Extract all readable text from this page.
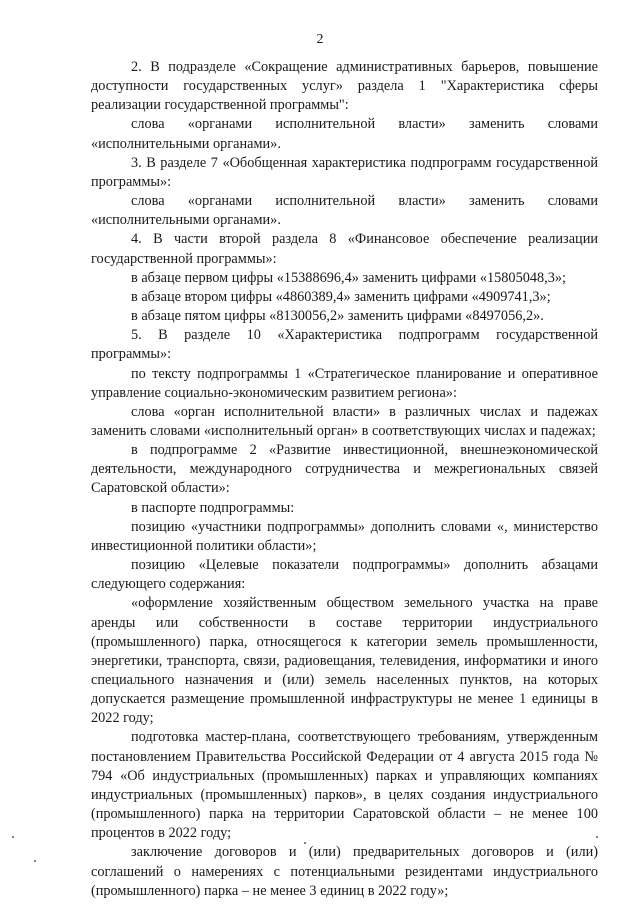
2

2. В подразделе «Сокращение административных барьеров, повышение доступности государственных услуг» раздела 1 "Характеристика сферы реализации государственной программы":

слова «органами исполнительной власти» заменить словами «исполнительными органами».

3. В разделе 7 «Обобщенная характеристика подпрограмм государственной программы»:

слова «органами исполнительной власти» заменить словами «исполнительными органами».

4. В части второй раздела 8 «Финансовое обеспечение реализации государственной программы»:

в абзаце первом цифры «15388696,4» заменить цифрами «15805048,3»;

в абзаце втором цифры «4860389,4» заменить цифрами «4909741,3»;

в абзаце пятом цифры «8130056,2» заменить цифрами «8497056,2».

5. В разделе 10 «Характеристика подпрограмм государственной программы»:

по тексту подпрограммы 1 «Стратегическое планирование и оперативное управление социально-экономическим развитием региона»:

слова «орган исполнительной власти» в различных числах и падежах заменить словами «исполнительный орган» в соответствующих числах и падежах;

в подпрограмме 2 «Развитие инвестиционной, внешнеэкономической деятельности, международного сотрудничества и межрегиональных связей Саратовской области»:

в паспорте подпрограммы:

позицию «участники подпрограммы» дополнить словами «, министерство инвестиционной политики области»;

позицию «Целевые показатели подпрограммы» дополнить абзацами следующего содержания:

«оформление хозяйственным обществом земельного участка на праве аренды или собственности в составе территории индустриального (промышленного) парка, относящегося к категории земель промышленности, энергетики, транспорта, связи, радиовещания, телевидения, информатики и иного специального назначения и (или) земель населенных пунктов, на которых допускается размещение промышленной инфраструктуры не менее 1 единицы в 2022 году;

подготовка мастер-плана, соответствующего требованиям, утвержденным постановлением Правительства Российской Федерации от 4 августа 2015 года № 794 «Об индустриальных (промышленных) парках и управляющих компаниях индустриальных (промышленных) парков», в целях создания индустриального (промышленного) парка на территории Саратовской области – не менее 100 процентов в 2022 году;

заключение договоров и (или) предварительных договоров и (или) соглашений о намерениях с потенциальными резидентами индустриального (промышленного) парка – не менее 3 единиц в 2022 году»;
